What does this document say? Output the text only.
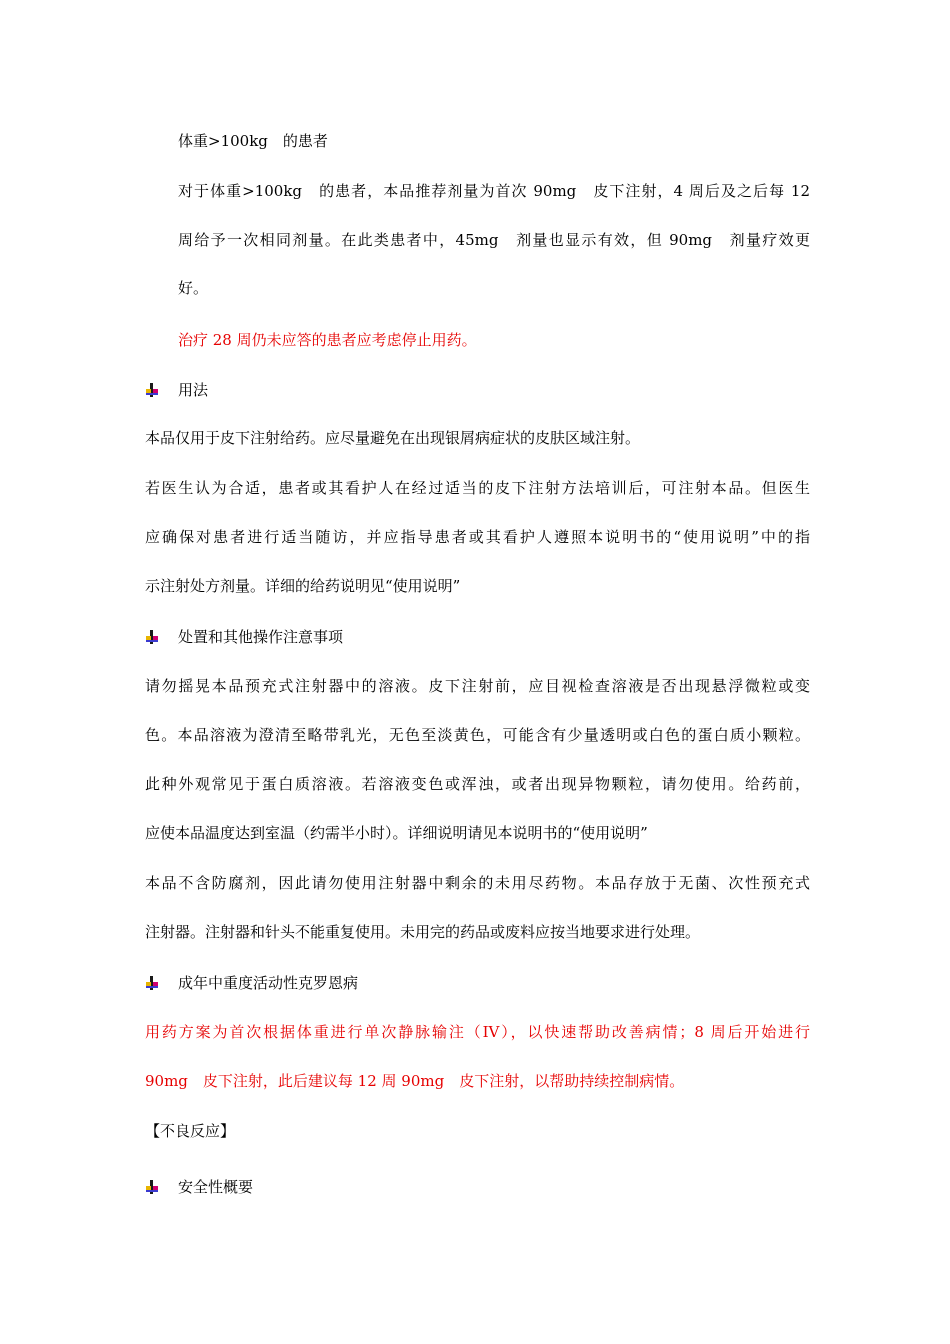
体重>100kg　的患者
对于体重>100kg　的患者，本品推荐剂量为首次 90mg　皮下注射，4 周后及之后每 12
周给予一次相同剂量。在此类患者中，45mg　剂量也显示有效，但 90mg　剂量疗效更
好。
治疗 28 周仍未应答的患者应考虑停止用药。
用法
本品仅用于皮下注射给药。应尽量避免在出现银屑病症状的皮肤区域注射。
若医生认为合适，患者或其看护人在经过适当的皮下注射方法培训后，可注射本品。但医生
应确保对患者进行适当随访，并应指导患者或其看护人遵照本说明书的“使用说明”中的指
示注射处方剂量。详细的给药说明见“使用说明”
处置和其他操作注意事项
请勿摇晃本品预充式注射器中的溶液。皮下注射前，应目视检查溶液是否出现悬浮微粒或变
色。本品溶液为澄清至略带乳光，无色至淡黄色，可能含有少量透明或白色的蛋白质小颗粒。
此种外观常见于蛋白质溶液。若溶液变色或浑浊，或者出现异物颗粒，请勿使用。给药前，
应使本品温度达到室温（约需半小时）。详细说明请见本说明书的“使用说明”
本品不含防腐剂，因此请勿使用注射器中剩余的未用尽药物。本品存放于无菌、次性预充式
注射器。注射器和针头不能重复使用。未用完的药品或废料应按当地要求进行处理。
成年中重度活动性克罗恩病
用药方案为首次根据体重进行单次静脉输注（IV），以快速帮助改善病情；8 周后开始进行
90mg　皮下注射，此后建议每 12 周 90mg　皮下注射，以帮助持续控制病情。
【不良反应】
安全性概要
